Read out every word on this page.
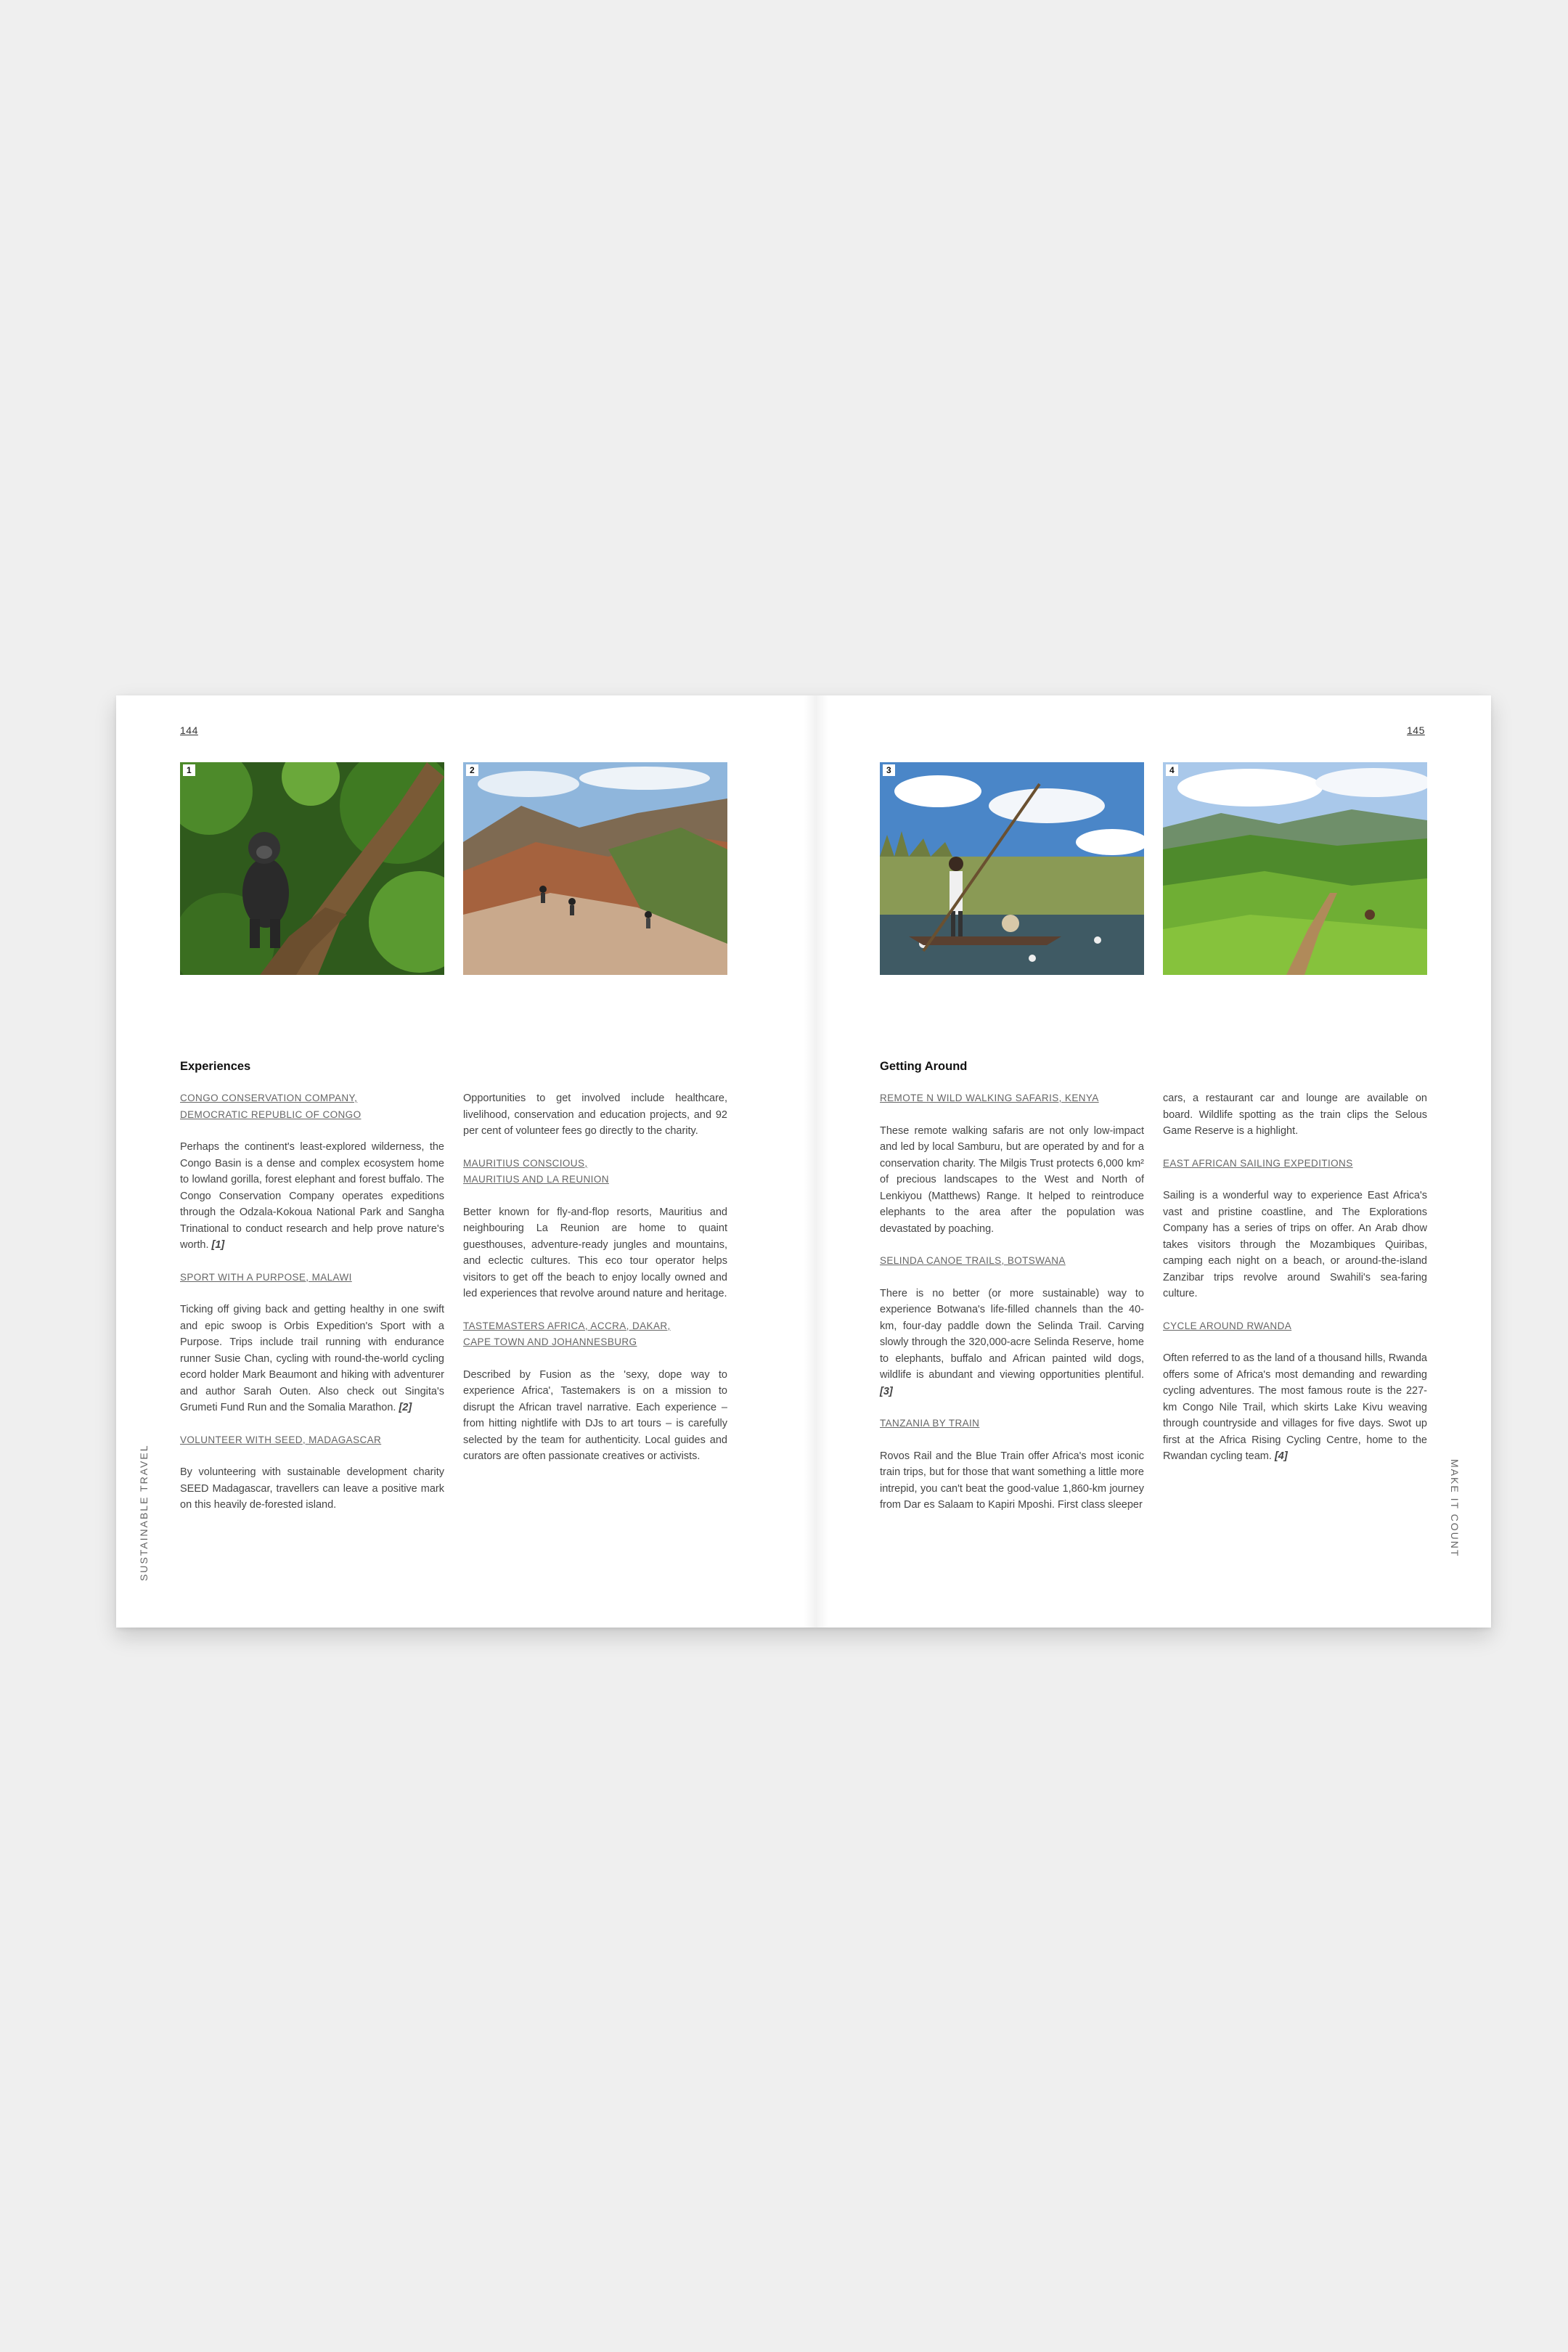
144
1	2
Experiences
CONGO CONSERVATION COMPANY,
DEMOCRATIC REPUBLIC OF CONGO

Perhaps the continent's least-explored wilderness, the Congo Basin is a dense and complex ecosystem home to lowland gorilla, forest elephant and forest buffalo. The Congo Conservation Company operates expeditions through the Odzala-Kokoua National Park and Sangha Trinational to conduct research and help prove nature's worth. [1]

SPORT WITH A PURPOSE, MALAWI

Ticking off giving back and getting healthy in one swift and epic swoop is Orbis Expedition's Sport with a Purpose. Trips include trail running with endurance runner Susie Chan, cycling with round-the-world cycling ecord holder Mark Beaumont and hiking with adventurer and author Sarah Outen. Also check out Singita's Grumeti Fund Run and the Somalia Marathon. [2]

VOLUNTEER WITH SEED, MADAGASCAR

By volunteering with sustainable development charity SEED Madagascar, travellers can leave a positive mark on this heavily de-forested island.

Opportunities to get involved include healthcare, livelihood, conservation and education projects, and 92 per cent of volunteer fees go directly to the charity.

MAURITIUS CONSCIOUS,
MAURITIUS AND LA REUNION

Better known for fly-and-flop resorts, Mauritius and neighbouring La Reunion are home to quaint guesthouses, adventure-ready jungles and mountains, and eclectic cultures. This eco tour operator helps visitors to get off the beach to enjoy locally owned and led experiences that revolve around nature and heritage.

TASTEMASTERS AFRICA, ACCRA, DAKAR,
CAPE TOWN AND JOHANNESBURG

Described by Fusion as the 'sexy, dope way to experience Africa', Tastemakers is on a mission to disrupt the African travel narrative. Each experience – from hitting nightlife with DJs to art tours – is carefully selected by the team for authenticity. Local guides and curators are often passionate creatives or activists.

SUSTAINABLE TRAVEL
145
3	4
Getting Around
REMOTE N WILD WALKING SAFARIS, KENYA

These remote walking safaris are not only low-impact and led by local Samburu, but are operated by and for a conservation charity. The Milgis Trust protects 6,000 km² of precious landscapes to the West and North of Lenkiyou (Matthews) Range. It helped to reintroduce elephants to the area after the population was devastated by poaching.

SELINDA CANOE TRAILS, BOTSWANA

There is no better (or more sustainable) way to experience Botwana's life-filled channels than the 40-km, four-day paddle down the Selinda Trail. Carving slowly through the 320,000-acre Selinda Reserve, home to elephants, buffalo and African painted wild dogs, wildlife is abundant and viewing opportunities plentiful. [3]

TANZANIA BY TRAIN

Rovos Rail and the Blue Train offer Africa's most iconic train trips, but for those that want something a little more intrepid, you can't beat the good-value 1,860-km journey from Dar es Salaam to Kapiri Mposhi. First class sleeper

cars, a restaurant car and lounge are available on board. Wildlife spotting as the train clips the Selous Game Reserve is a highlight.

EAST AFRICAN SAILING EXPEDITIONS

Sailing is a wonderful way to experience East Africa's vast and pristine coastline, and The Explorations Company has a series of trips on offer. An Arab dhow takes visitors through the Mozambiques Quiribas, camping each night on a beach, or around-the-island Zanzibar trips revolve around Swahili's sea-faring culture.

CYCLE AROUND RWANDA

Often referred to as the land of a thousand hills, Rwanda offers some of Africa's most demanding and rewarding cycling adventures. The most famous route is the 227-km Congo Nile Trail, which skirts Lake Kivu weaving through countryside and villages for five days. Swot up first at the Africa Rising Cycling Centre, home to the Rwandan cycling team. [4]

MAKE IT COUNT
